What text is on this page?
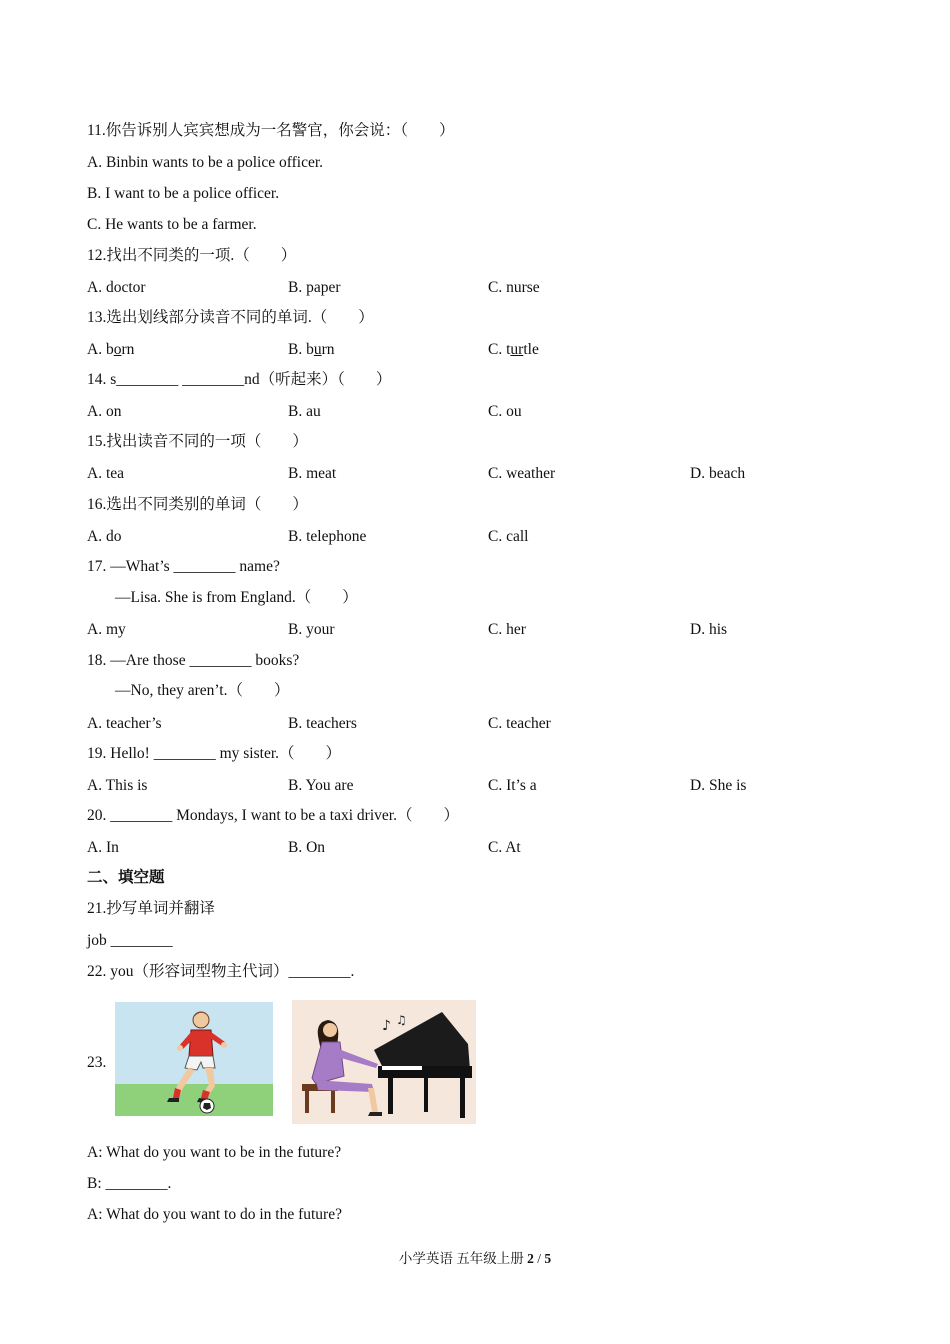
11.你告诉别人宾宾想成为一名警官，你会说：（　　）
A. Binbin wants to be a police officer.
B. I want to be a police officer.
C. He wants to be a farmer.
12.找出不同类的一项.（　　）
A. doctor	B. paper	C. nurse
13.选出划线部分读音不同的单词.（　　）
A. born	B. burn	C. turtle
14. s________ ________nd（听起来）（　　）
A. on	B. au	C. ou
15.找出读音不同的一项（　　）
A. tea	B. meat	C. weather	D. beach
16.选出不同类别的单词（　　）
A. do	B. telephone	C. call
17. —What’s ________ name?
—Lisa. She is from England.（　　）
A. my	B. your	C. her	D. his
18. —Are those ________ books?
—No, they aren’t.（　　）
A. teacher’s	B. teachers	C. teacher
19. Hello! ________ my sister.（　　）
A. This is	B. You are	C. It’s a	D. She is
20. ________ Mondays, I want to be a taxi driver.（　　）
A. In	B. On	C. At
二、填空题
21.抄写单词并翻译
job ________
22. you（形容词型物主代词）________.
23.
♪ ♫
A: What do you want to be in the future?
B: ________.
A: What do you want to do in the future?
小学英语 五年级上册 2 / 5
